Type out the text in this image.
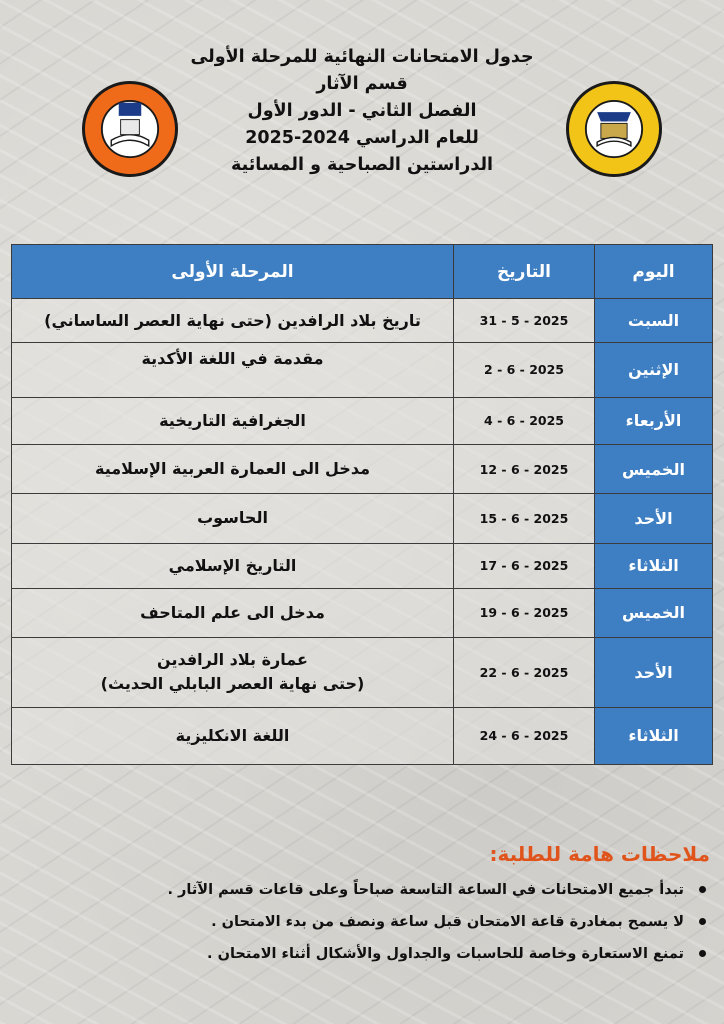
جدول الامتحانات النهائية للمرحلة الأولى
قسم الآثار
الفصل الثاني - الدور الأول
للعام الدراسي 2024-2025
الدراستين الصباحية و المسائية
اليوم	التاريخ	المرحلة الأولى
السبت	31 - 5 - 2025	تاريخ بلاد الرافدين (حتى نهاية العصر الساساني)
الإثنين	2 - 6 - 2025	مقدمة في اللغة الأكدية
الأربعاء	4 - 6 - 2025	الجغرافية التاريخية
الخميس	12 - 6 - 2025	مدخل الى العمارة العربية الإسلامية
الأحد	15 - 6 - 2025	الحاسوب
الثلاثاء	17 - 6 - 2025	التاريخ الإسلامي
الخميس	19 - 6 - 2025	مدخل الى علم المتاحف
الأحد	22 - 6 - 2025	عمارة بلاد الرافدين
(حتى نهاية العصر البابلي الحديث)
الثلاثاء	24 - 6 - 2025	اللغة الانكليزية
ملاحظات هامة للطلبة:
تبدأ جميع الامتحانات في الساعة التاسعة صباحاً وعلى قاعات قسم الآثار .
لا يسمح بمغادرة قاعة الامتحان قبل ساعة ونصف من بدء الامتحان .
تمنع الاستعارة وخاصة للحاسبات والجداول والأشكال أثناء الامتحان .
